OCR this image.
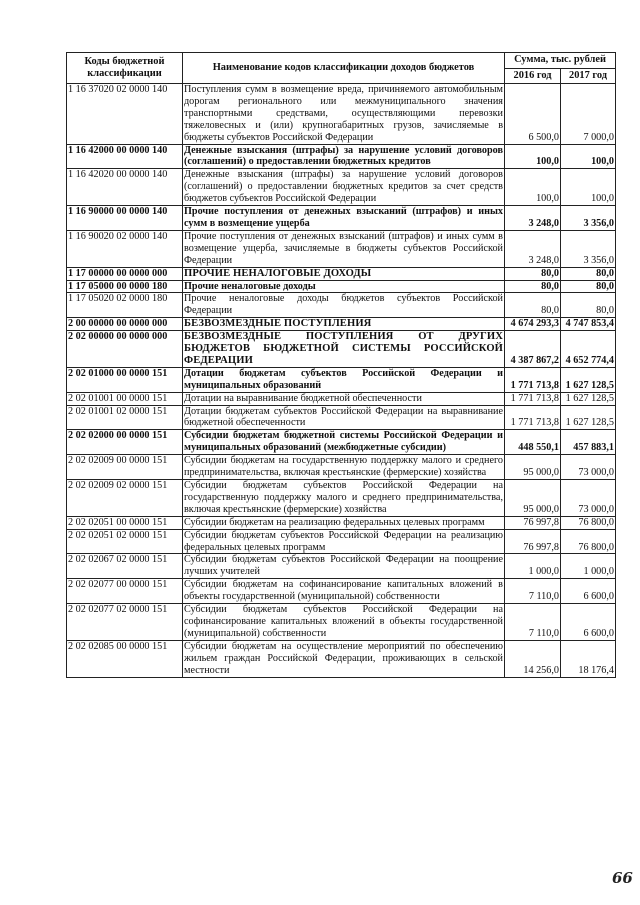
Коды бюджетной классификации	Наименование кодов классификации доходов бюджетов	Сумма, тыс. рублей	
		2016 год	2017 год
1 16 37020 02 0000 140	Поступления сумм в возмещение вреда, причиняемого автомобильным дорогам регионального или межмуниципального значения транспортными средствами, осуществляющими перевозки тяжеловесных и (или) крупногабаритных грузов, зачисляемые в бюджеты субъектов Российской Федерации	6 500,0	7 000,0
1 16 42000 00 0000 140	Денежные взыскания (штрафы) за нарушение условий договоров (соглашений) о предоставлении бюджетных кредитов	100,0	100,0
1 16 42020 00 0000 140	Денежные взыскания (штрафы) за нарушение условий договоров (соглашений) о предоставлении бюджетных кредитов за счет средств бюджетов субъектов Российской Федерации	100,0	100,0
1 16 90000 00 0000 140	Прочие поступления от денежных взысканий (штрафов) и иных сумм в возмещение ущерба	3 248,0	3 356,0
1 16 90020 02 0000 140	Прочие поступления от денежных взысканий (штрафов) и иных сумм в возмещение ущерба, зачисляемые в бюджеты субъектов Российской Федерации	3 248,0	3 356,0
1 17 00000 00 0000 000	ПРОЧИЕ НЕНАЛОГОВЫЕ ДОХОДЫ	80,0	80,0
1 17 05000 00 0000 180	Прочие неналоговые доходы	80,0	80,0
1 17 05020 02 0000 180	Прочие неналоговые доходы бюджетов субъектов Российской Федерации	80,0	80,0
2 00 00000 00 0000 000	БЕЗВОЗМЕЗДНЫЕ ПОСТУПЛЕНИЯ	4 674 293,3	4 747 853,4
2 02 00000 00 0000 000	БЕЗВОЗМЕЗДНЫЕ ПОСТУПЛЕНИЯ ОТ ДРУГИХ БЮДЖЕТОВ БЮДЖЕТНОЙ СИСТЕМЫ РОССИЙСКОЙ ФЕДЕРАЦИИ	4 387 867,2	4 652 774,4
2 02 01000 00 0000 151	Дотации бюджетам субъектов Российской Федерации и муниципальных образований	1 771 713,8	1 627 128,5
2 02 01001 00 0000 151	Дотации на выравнивание бюджетной обеспеченности	1 771 713,8	1 627 128,5
2 02 01001 02 0000 151	Дотации бюджетам субъектов Российской Федерации на выравнивание бюджетной обеспеченности	1 771 713,8	1 627 128,5
2 02 02000 00 0000 151	Субсидии бюджетам бюджетной системы Российской Федерации и муниципальных образований (межбюджетные субсидии)	448 550,1	457 883,1
2 02 02009 00 0000 151	Субсидии бюджетам на государственную поддержку малого и среднего предпринимательства, включая крестьянские (фермерские) хозяйства	95 000,0	73 000,0
2 02 02009 02 0000 151	Субсидии бюджетам субъектов Российской Федерации на государственную поддержку малого и среднего предпринимательства, включая крестьянские (фермерские) хозяйства	95 000,0	73 000,0
2 02 02051 00 0000 151	Субсидии бюджетам на реализацию федеральных целевых программ	76 997,8	76 800,0
2 02 02051 02 0000 151	Субсидии бюджетам субъектов Российской Федерации на реализацию федеральных целевых программ	76 997,8	76 800,0
2 02 02067 02 0000 151	Субсидии бюджетам субъектов Российской Федерации на поощрение лучших учителей	1 000,0	1 000,0
2 02 02077 00 0000 151	Субсидии бюджетам на софинансирование капитальных вложений в объекты государственной (муниципальной) собственности	7 110,0	6 600,0
2 02 02077 02 0000 151	Субсидии бюджетам субъектов Российской Федерации на софинансирование капитальных вложений в объекты государственной (муниципальной) собственности	7 110,0	6 600,0
2 02 02085 00 0000 151	Субсидии бюджетам на осуществление мероприятий по обеспечению жильем граждан Российской Федерации, проживающих в сельской местности	14 256,0	18 176,4
66
